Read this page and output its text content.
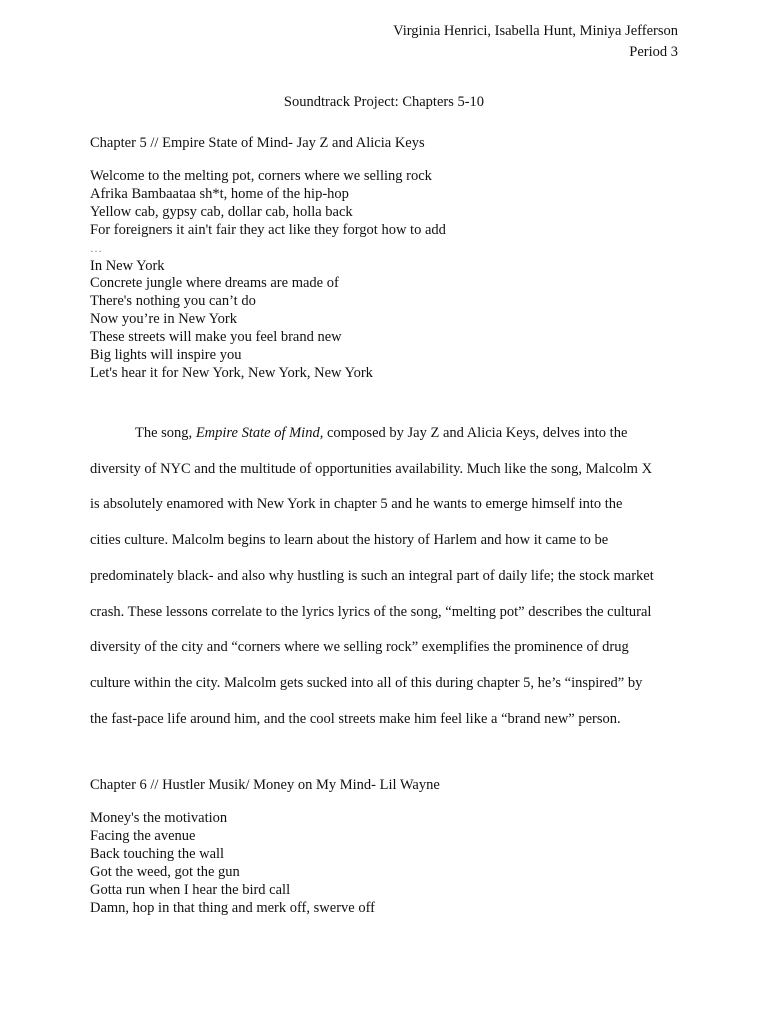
Virginia Henrici, Isabella Hunt, Miniya Jefferson
Period 3
Soundtrack Project: Chapters 5-10
Chapter 5 // Empire State of Mind- Jay Z and Alicia Keys
Welcome to the melting pot, corners where we selling rock
Afrika Bambaataa sh*t, home of the hip-hop
Yellow cab, gypsy cab, dollar cab, holla back
For foreigners it ain't fair they act like they forgot how to add
…
In New York
Concrete jungle where dreams are made of
There's nothing you can’t do
Now you’re in New York
These streets will make you feel brand new
Big lights will inspire you
Let's hear it for New York, New York, New York
The song, Empire State of Mind, composed by Jay Z and Alicia Keys, delves into the
diversity of NYC and the multitude of opportunities availability. Much like the song, Malcolm X
is absolutely enamored with New York in chapter 5 and he wants to emerge himself into the
cities culture. Malcolm begins to learn about the history of Harlem and how it came to be
predominately black- and also why hustling is such an integral part of daily life; the stock market
crash. These lessons correlate to the lyrics lyrics of the song, “melting pot” describes the cultural
diversity of the city and “corners where we selling rock” exemplifies the prominence of drug
culture within the city. Malcolm gets sucked into all of this during chapter 5, he’s “inspired” by
the fast-pace life around him, and the cool streets make him feel like a “brand new” person.
Chapter 6 // Hustler Musik/ Money on My Mind- Lil Wayne
Money's the motivation
Facing the avenue
Back touching the wall
Got the weed, got the gun
Gotta run when I hear the bird call
Damn, hop in that thing and merk off, swerve off
